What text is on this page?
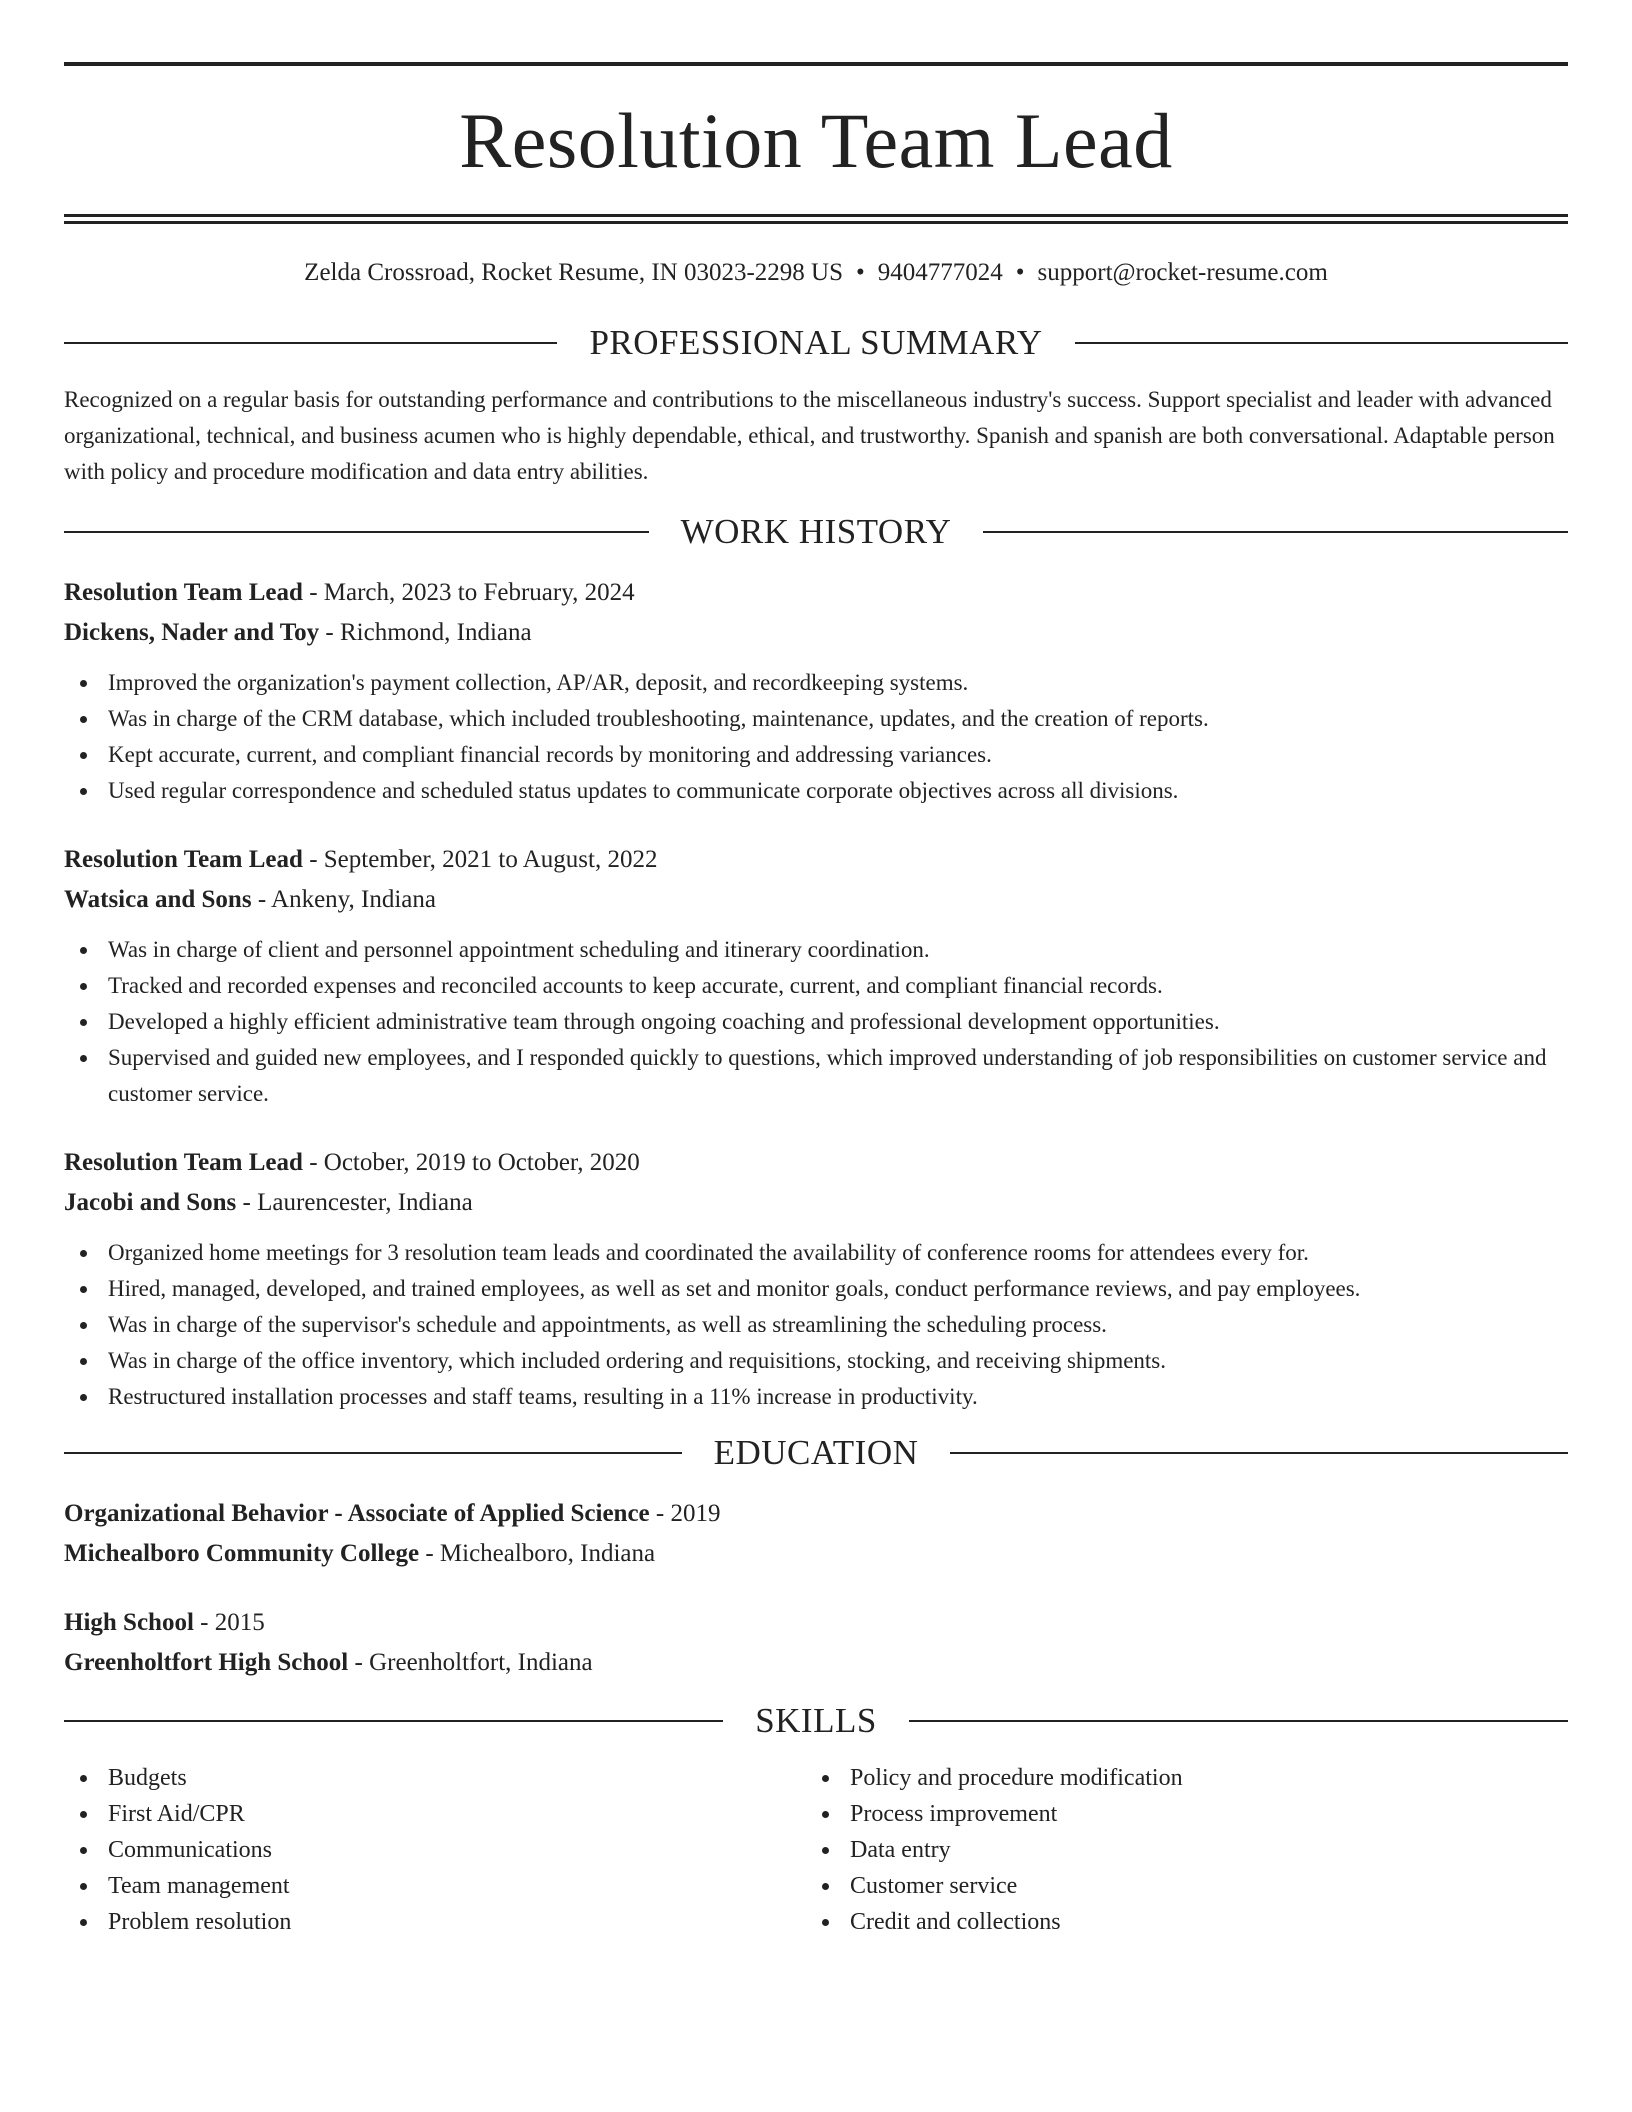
Resolution Team Lead
Zelda Crossroad, Rocket Resume, IN 03023-2298 US • 9404777024 • support@rocket-resume.com
PROFESSIONAL SUMMARY

Recognized on a regular basis for outstanding performance and contributions to the miscellaneous industry's success. Support specialist and leader with advanced organizational, technical, and business acumen who is highly dependable, ethical, and trustworthy. Spanish and spanish are both conversational. Adaptable person with policy and procedure modification and data entry abilities.

WORK HISTORY
Resolution Team Lead - March, 2023 to February, 2024
Dickens, Nader and Toy - Richmond, Indiana
Improved the organization's payment collection, AP/AR, deposit, and recordkeeping systems.
Was in charge of the CRM database, which included troubleshooting, maintenance, updates, and the creation of reports.
Kept accurate, current, and compliant financial records by monitoring and addressing variances.
Used regular correspondence and scheduled status updates to communicate corporate objectives across all divisions.
Resolution Team Lead - September, 2021 to August, 2022
Watsica and Sons - Ankeny, Indiana
Was in charge of client and personnel appointment scheduling and itinerary coordination.
Tracked and recorded expenses and reconciled accounts to keep accurate, current, and compliant financial records.
Developed a highly efficient administrative team through ongoing coaching and professional development opportunities.
Supervised and guided new employees, and I responded quickly to questions, which improved understanding of job responsibilities on customer service and customer service.
Resolution Team Lead - October, 2019 to October, 2020
Jacobi and Sons - Laurencester, Indiana
Organized home meetings for 3 resolution team leads and coordinated the availability of conference rooms for attendees every for.
Hired, managed, developed, and trained employees, as well as set and monitor goals, conduct performance reviews, and pay employees.
Was in charge of the supervisor's schedule and appointments, as well as streamlining the scheduling process.
Was in charge of the office inventory, which included ordering and requisitions, stocking, and receiving shipments.
Restructured installation processes and staff teams, resulting in a 11% increase in productivity.
EDUCATION
Organizational Behavior - Associate of Applied Science - 2019
Michealboro Community College - Michealboro, Indiana
High School - 2015
Greenholtfort High School - Greenholtfort, Indiana
SKILLS
Budgets
First Aid/CPR
Communications
Team management
Problem resolution
Policy and procedure modification
Process improvement
Data entry
Customer service
Credit and collections
